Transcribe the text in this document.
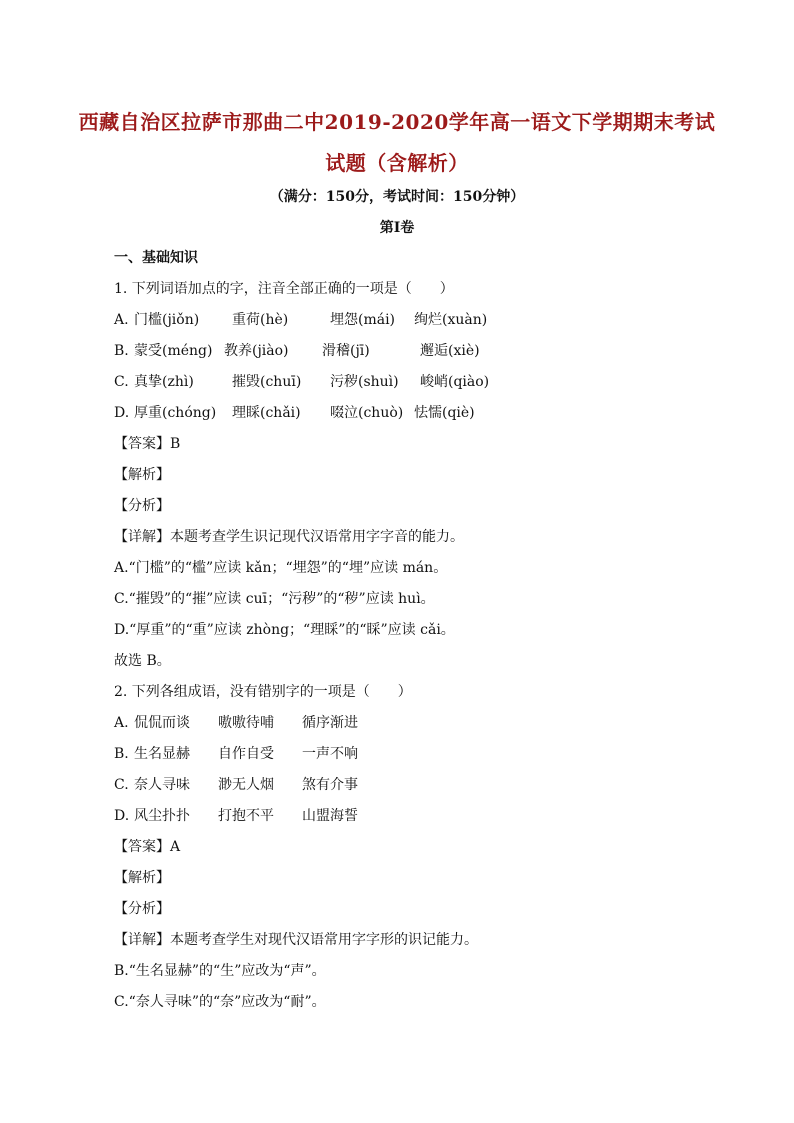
西藏自治区拉萨市那曲二中2019-2020学年高一语文下学期期末考试
试题（含解析）
（满分：150分，考试时间：150分钟）
第Ⅰ卷
一、基础知识
1. 下列词语加点的字，注音全部正确的一项是（　　）
A. 门槛(jiǒn) 重荷(hè)	埋怨(mái) 绚烂(xuàn)
B. 蒙受(méng) 教养(jiào) 滑稽(jī)	邂逅(xiè)
C. 真挚(zhì)	摧毁(chuī) 污秽(shuì) 峻峭(qiào)
D. 厚重(chóng) 理睬(chǎi) 啜泣(chuò) 怯懦(qiè)
【答案】B
【解析】
【分析】
【详解】本题考查学生识记现代汉语常用字字音的能力。
A.“门槛”的“槛”应读 kǎn；“埋怨”的“埋”应读 mán。
C.“摧毁”的“摧”应读 cuī；“污秽”的“秽”应读 huì。
D.“厚重”的“重”应读 zhòng；“理睬”的“睬”应读 cǎi。
故选 B。
2. 下列各组成语，没有错别字的一项是（　　）
A. 侃侃而谈 嗷嗷待哺 循序渐进
B. 生名显赫 自作自受 一声不响
C. 奈人寻味 渺无人烟 煞有介事
D. 风尘扑扑 打抱不平 山盟海誓
【答案】A
【解析】
【分析】
【详解】本题考查学生对现代汉语常用字字形的识记能力。
B.“生名显赫”的“生”应改为“声”。
C.“奈人寻味”的“奈”应改为“耐”。
